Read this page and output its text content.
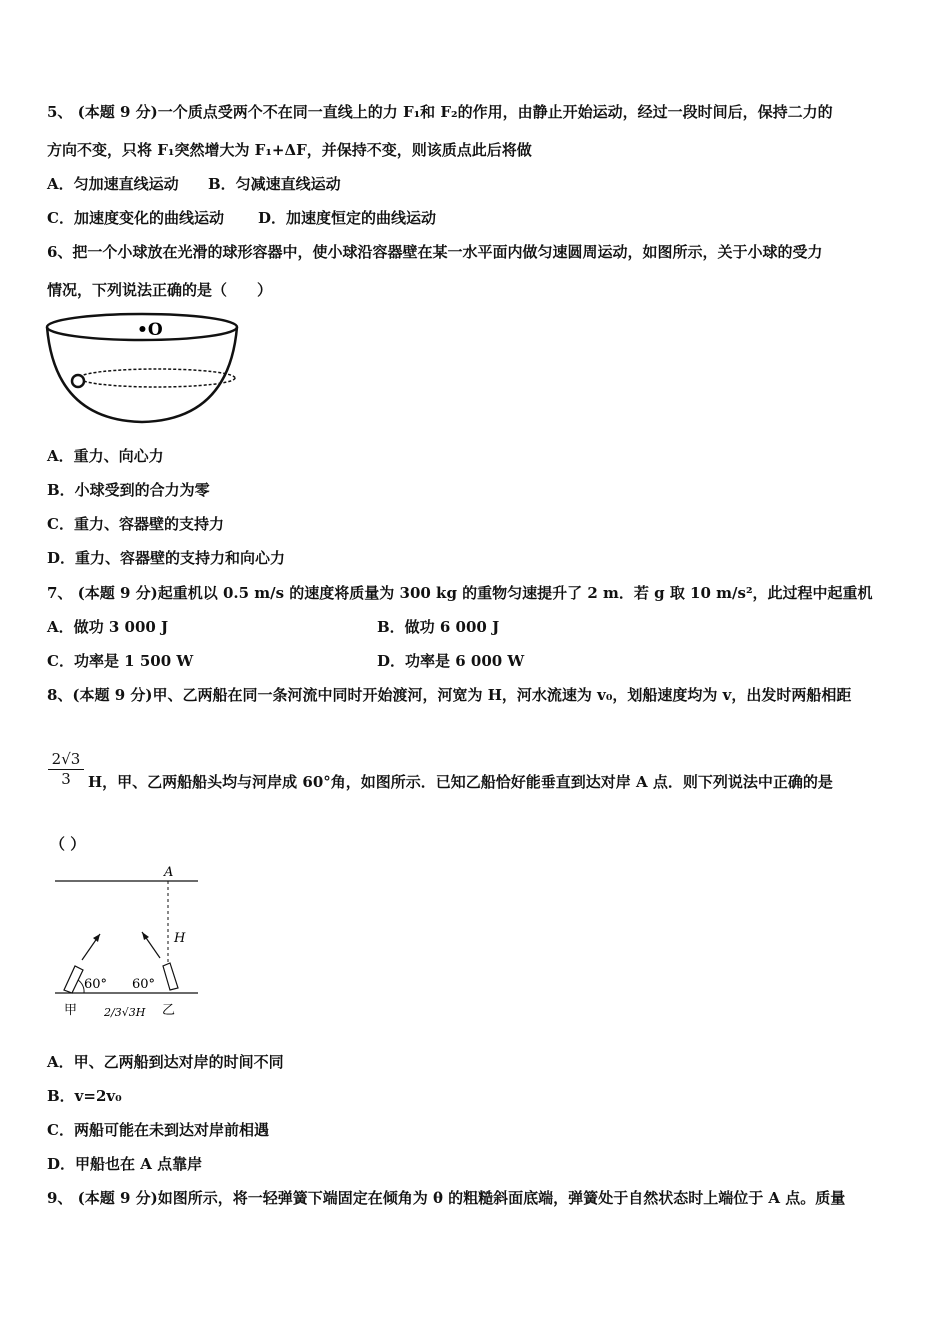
5、 (本题 9 分)一个质点受两个不在同一直线上的力 F₁和 F₂的作用，由静止开始运动，经过一段时间后，保持二力的
方向不变，只将 F₁突然增大为 F₁+ΔF，并保持不变，则该质点此后将做
A．匀加速直线运动 B．匀减速直线运动
C．加速度变化的曲线运动 D．加速度恒定的曲线运动
6、把一个小球放在光滑的球形容器中，使小球沿容器壁在某一水平面内做匀速圆周运动，如图所示，关于小球的受力
情况，下列说法正确的是（　　）
•O
A．重力、向心力
B．小球受到的合力为零
C．重力、容器壁的支持力
D．重力、容器壁的支持力和向心力
7、 (本题 9 分)起重机以 0.5 m/s 的速度将质量为 300 kg 的重物匀速提升了 2 m．若 g 取 10 m/s²，此过程中起重机
A．做功 3 000 J	B．做功 6 000 J
C．功率是 1 500 W	D．功率是 6 000 W
8、(本题 9 分)甲、乙两船在同一条河流中同时开始渡河，河宽为 H，河水流速为 v₀，划船速度均为 v，出发时两船相距
$\frac{2√3}{3}$ H，甲、乙两船船头均与河岸成 60°角，如图所示．已知乙船恰好能垂直到达对岸 A 点．则下列说法中正确的是
（ ）
A
H
60° 60°
甲	乙
2/3√3H
A．甲、乙两船到达对岸的时间不同
B．v=2v₀
C．两船可能在未到达对岸前相遇
D．甲船也在 A 点靠岸
9、 (本题 9 分)如图所示，将一轻弹簧下端固定在倾角为 θ 的粗糙斜面底端，弹簧处于自然状态时上端位于 A 点。质量
